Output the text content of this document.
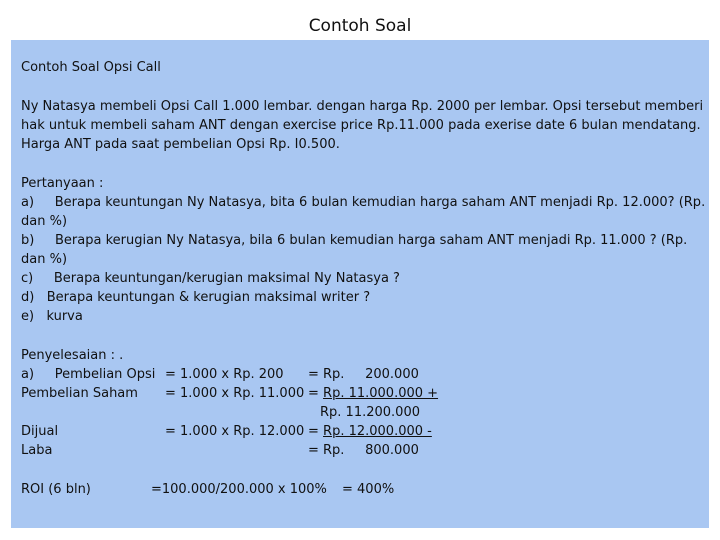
Contoh Soal
Contoh Soal Opsi Call
Ny Natasya membeli Opsi Call 1.000 lembar. dengan harga Rp. 2000 per lembar. Opsi tersebut memberi
hak untuk membeli saham ANT dengan exercise price Rp.11.000 pada exerise date 6 bulan mendatang.
Harga ANT pada saat pembelian Opsi Rp. I0.500.
Pertanyaan :
a)     Berapa keuntungan Ny Natasya, bita 6 bulan kemudian harga saham ANT menjadi Rp. 12.000? (Rp.
dan %)
b)     Berapa kerugian Ny Natasya, bila 6 bulan kemudian harga saham ANT menjadi Rp. 11.000 ? (Rp.
dan %)
c)     Berapa keuntungan/kerugian maksimal Ny Natasya ?
d)   Berapa keuntungan & kerugian maksimal writer ?
e)   kurva
Penyelesaian : .
a)     Pembelian Opsi = 1.000 x Rp. 200 = Rp.     200.000
Pembelian Saham = 1.000 x Rp. 11.000 = Rp. 11.000.000 +
Rp. 11.200.000
Dijual	= 1.000 x Rp. 12.000 = Rp. 12.000.000 -
Laba	= Rp.     800.000
ROI (6 bln)	=100.000/200.000 x 100% = 400%
